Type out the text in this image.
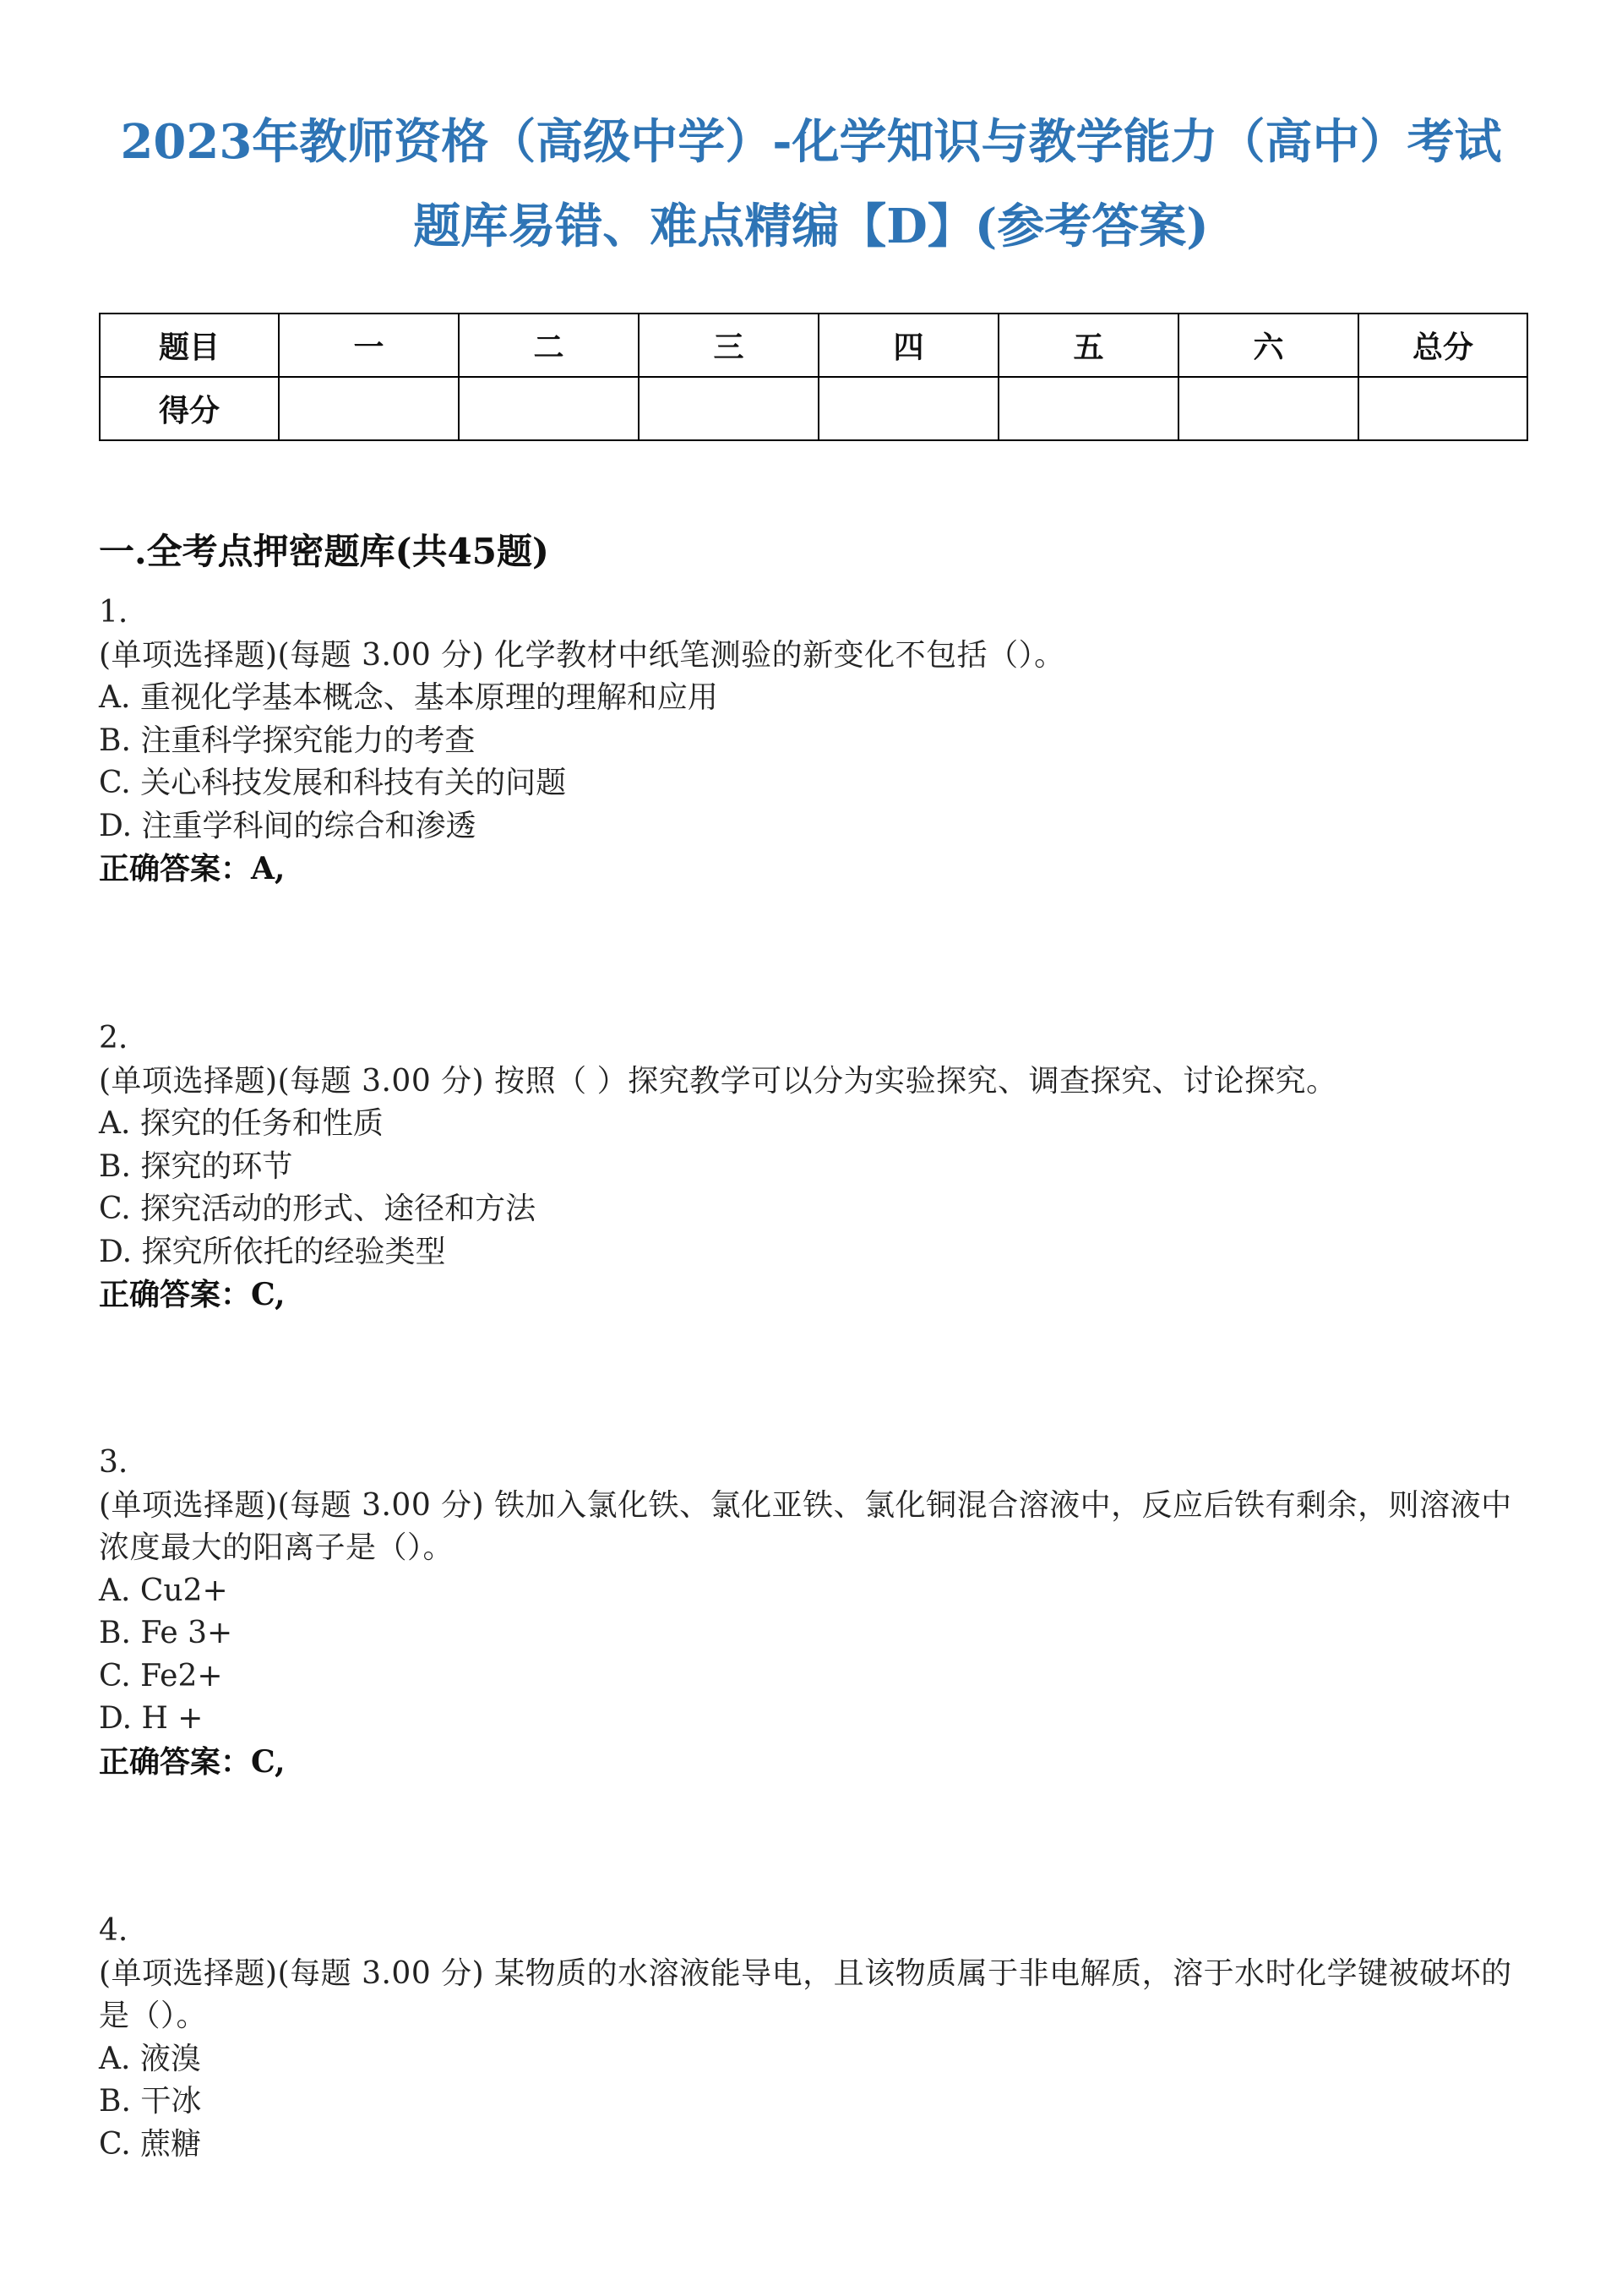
2023年教师资格（高级中学）-化学知识与教学能力（高中）考试
题库易错、难点精编【D】(参考答案)
题目	一	二	三	四	五	六	总分
得分							
一.全考点押密题库(共45题)
1.
(单项选择题)(每题 3.00 分) 化学教材中纸笔测验的新变化不包括（）。
A. 重视化学基本概念、基本原理的理解和应用
B. 注重科学探究能力的考查
C. 关心科技发展和科技有关的问题
D. 注重学科间的综合和渗透
正确答案：A,
2.
(单项选择题)(每题 3.00 分) 按照（ ）探究教学可以分为实验探究、调查探究、讨论探究。
A. 探究的任务和性质
B. 探究的环节
C. 探究活动的形式、途径和方法
D. 探究所依托的经验类型
正确答案：C,
3.
(单项选择题)(每题 3.00 分) 铁加入氯化铁、氯化亚铁、氯化铜混合溶液中，反应后铁有剩余，则溶液中浓度最大的阳离子是（）。
A. Cu2+
B. Fe 3+
C. Fe2+
D. H +
正确答案：C,
4.
(单项选择题)(每题 3.00 分) 某物质的水溶液能导电，且该物质属于非电解质，溶于水时化学键被破坏的是（）。
A. 液溴
B. 干冰
C. 蔗糖
